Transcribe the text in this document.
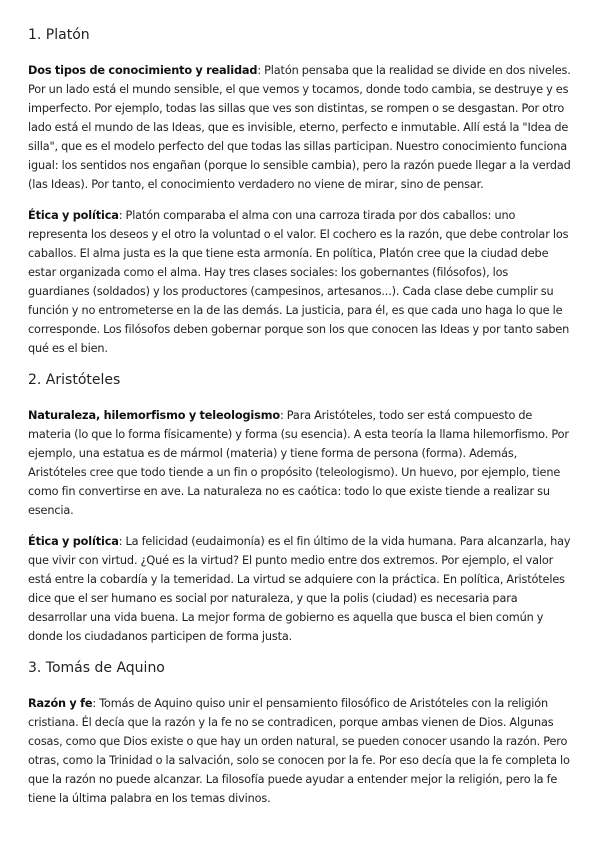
1. Platón

Dos tipos de conocimiento y realidad: Platón pensaba que la realidad se divide en dos niveles. Por un lado está el mundo sensible, el que vemos y tocamos, donde todo cambia, se destruye y es imperfecto. Por ejemplo, todas las sillas que ves son distintas, se rompen o se desgastan. Por otro lado está el mundo de las Ideas, que es invisible, eterno, perfecto e inmutable. Allí está la "Idea de silla", que es el modelo perfecto del que todas las sillas participan. Nuestro conocimiento funciona igual: los sentidos nos engañan (porque lo sensible cambia), pero la razón puede llegar a la verdad (las Ideas). Por tanto, el conocimiento verdadero no viene de mirar, sino de pensar.

Ética y política: Platón comparaba el alma con una carroza tirada por dos caballos: uno representa los deseos y el otro la voluntad o el valor. El cochero es la razón, que debe controlar los caballos. El alma justa es la que tiene esta armonía. En política, Platón cree que la ciudad debe estar organizada como el alma. Hay tres clases sociales: los gobernantes (filósofos), los guardianes (soldados) y los productores (campesinos, artesanos...). Cada clase debe cumplir su función y no entrometerse en la de las demás. La justicia, para él, es que cada uno haga lo que le corresponde. Los filósofos deben gobernar porque son los que conocen las Ideas y por tanto saben qué es el bien.

2. Aristóteles

Naturaleza, hilemorfismo y teleologismo: Para Aristóteles, todo ser está compuesto de materia (lo que lo forma físicamente) y forma (su esencia). A esta teoría la llama hilemorfismo. Por ejemplo, una estatua es de mármol (materia) y tiene forma de persona (forma). Además, Aristóteles cree que todo tiende a un fin o propósito (teleologismo). Un huevo, por ejemplo, tiene como fin convertirse en ave. La naturaleza no es caótica: todo lo que existe tiende a realizar su esencia.

Ética y política: La felicidad (eudaimonía) es el fin último de la vida humana. Para alcanzarla, hay que vivir con virtud. ¿Qué es la virtud? El punto medio entre dos extremos. Por ejemplo, el valor está entre la cobardía y la temeridad. La virtud se adquiere con la práctica. En política, Aristóteles dice que el ser humano es social por naturaleza, y que la polis (ciudad) es necesaria para desarrollar una vida buena. La mejor forma de gobierno es aquella que busca el bien común y donde los ciudadanos participen de forma justa.

3. Tomás de Aquino

Razón y fe: Tomás de Aquino quiso unir el pensamiento filosófico de Aristóteles con la religión cristiana. Él decía que la razón y la fe no se contradicen, porque ambas vienen de Dios. Algunas cosas, como que Dios existe o que hay un orden natural, se pueden conocer usando la razón. Pero otras, como la Trinidad o la salvación, solo se conocen por la fe. Por eso decía que la fe completa lo que la razón no puede alcanzar. La filosofía puede ayudar a entender mejor la religión, pero la fe tiene la última palabra en los temas divinos.
